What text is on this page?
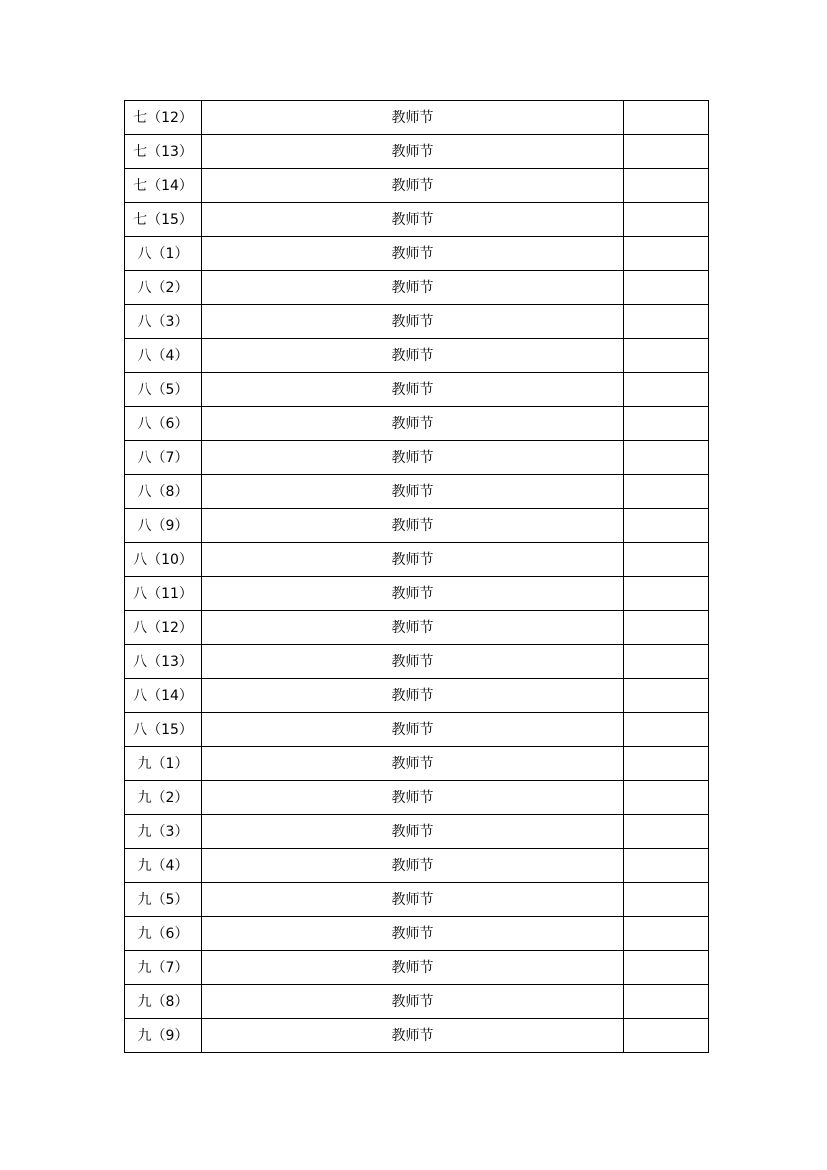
七（12）	教师节	
七（13）	教师节	
七（14）	教师节	
七（15）	教师节	
八（1）	教师节	
八（2）	教师节	
八（3）	教师节	
八（4）	教师节	
八（5）	教师节	
八（6）	教师节	
八（7）	教师节	
八（8）	教师节	
八（9）	教师节	
八（10）	教师节	
八（11）	教师节	
八（12）	教师节	
八（13）	教师节	
八（14）	教师节	
八（15）	教师节	
九（1）	教师节	
九（2）	教师节	
九（3）	教师节	
九（4）	教师节	
九（5）	教师节	
九（6）	教师节	
九（7）	教师节	
九（8）	教师节	
九（9）	教师节	
